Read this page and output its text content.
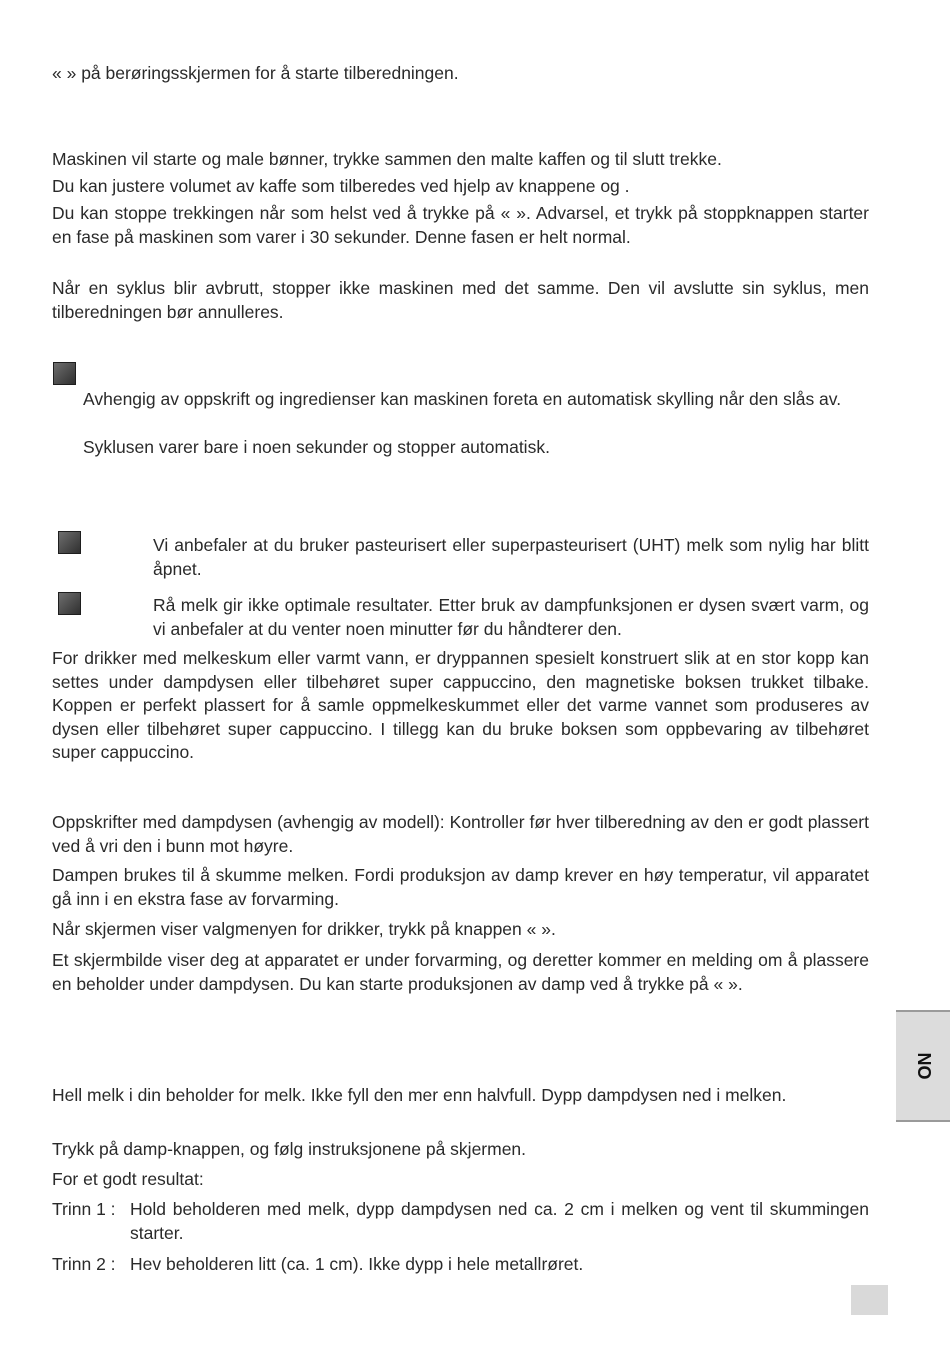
« » på berøringsskjermen for å starte tilberedningen.

Maskinen vil starte og male bønner, trykke sammen den malte kaffen og til slutt trekke.

Du kan justere volumet av kaffe som tilberedes ved hjelp av knappene og .

Du kan stoppe trekkingen når som helst ved å trykke på « ». Advarsel, et trykk på stoppknappen starter en fase på maskinen som varer i 30 sekunder. Denne fasen er helt normal.

Når en syklus blir avbrutt, stopper ikke maskinen med det samme. Den vil avslutte sin syklus, men tilberedningen bør annulleres.

Avhengig av oppskrift og ingredienser kan maskinen foreta en automatisk skylling når den slås av.

Syklusen varer bare i noen sekunder og stopper automatisk.

Vi anbefaler at du bruker pasteurisert eller superpasteurisert (UHT) melk som nylig har blitt åpnet.

Rå melk gir ikke optimale resultater. Etter bruk av dampfunksjonen er dysen svært varm, og vi anbefaler at du venter noen minutter før du håndterer den.

For drikker med melkeskum eller varmt vann, er dryppannen spesielt konstruert slik at en stor kopp kan settes under dampdysen eller tilbehøret super cappuccino, den magnetiske boksen trukket tilbake. Koppen er perfekt plassert for å samle oppmelkeskummet eller det varme vannet som produseres av dysen eller tilbehøret super cappuccino. I tillegg kan du bruke boksen som oppbevaring av tilbehøret super cappuccino.

Oppskrifter med dampdysen (avhengig av modell): Kontroller før hver tilberedning av den er godt plassert ved å vri den i bunn mot høyre.

Dampen brukes til å skumme melken. Fordi produksjon av damp krever en høy temperatur, vil apparatet gå inn i en ekstra fase av forvarming.

Når skjermen viser valgmenyen for drikker, trykk på knappen « ».

Et skjermbilde viser deg at apparatet er under forvarming, og deretter kommer en melding om å plassere en beholder under dampdysen. Du kan starte produksjonen av damp ved å trykke på « ».

Hell melk i din beholder for melk. Ikke fyll den mer enn halvfull. Dypp dampdysen ned i melken.

Trykk på damp-knappen, og følg instruksjonene på skjermen.

For et godt resultat:

Trinn 1 : Hold beholderen med melk, dypp dampdysen ned ca. 2 cm i melken og vent til skummingen starter.
Trinn 2 : Hev beholderen litt (ca. 1 cm). Ikke dypp i hele metallrøret.
NO
